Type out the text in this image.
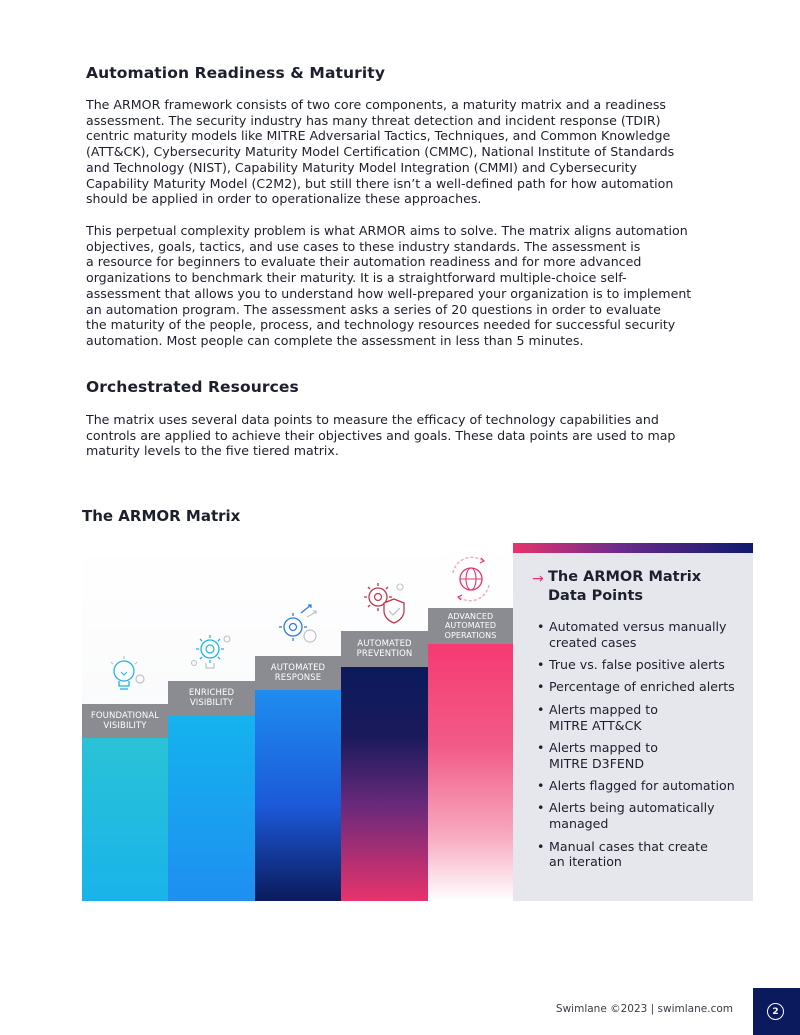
Automation Readiness & Maturity
The ARMOR framework consists of two core components, a maturity matrix and a readiness
assessment. The security industry has many threat detection and incident response (TDIR)
centric maturity models like MITRE Adversarial Tactics, Techniques, and Common Knowledge
(ATT&CK), Cybersecurity Maturity Model Certification (CMMC), National Institute of Standards
and Technology (NIST), Capability Maturity Model Integration (CMMI) and Cybersecurity
Capability Maturity Model (C2M2), but still there isn’t a well-defined path for how automation
should be applied in order to operationalize these approaches.
This perpetual complexity problem is what ARMOR aims to solve. The matrix aligns automation
objectives, goals, tactics, and use cases to these industry standards. The assessment is
a resource for beginners to evaluate their automation readiness and for more advanced
organizations to benchmark their maturity. It is a straightforward multiple-choice self-
assessment that allows you to understand how well-prepared your organization is to implement
an automation program. The assessment asks a series of 20 questions in order to evaluate
the maturity of the people, process, and technology resources needed for successful security
automation. Most people can complete the assessment in less than 5 minutes.
Orchestrated Resources
The matrix uses several data points to measure the efficacy of technology capabilities and
controls are applied to achieve their objectives and goals. These data points are used to map
maturity levels to the five tiered matrix.
The ARMOR Matrix
FOUNDATIONAL
VISIBILITY
ENRICHED
VISIBILITY
AUTOMATED
RESPONSE
AUTOMATED
PREVENTION
ADVANCED
AUTOMATED
OPERATIONS
→ The ARMOR Matrix
Data Points
• Automated versus manually
created cases
• True vs. false positive alerts
• Percentage of enriched alerts
• Alerts mapped to
MITRE ATT&CK
• Alerts mapped to
MITRE D3FEND
• Alerts flagged for automation
• Alerts being automatically
managed
• Manual cases that create
an iteration
Swimlane ©2023 | swimlane.com	2
